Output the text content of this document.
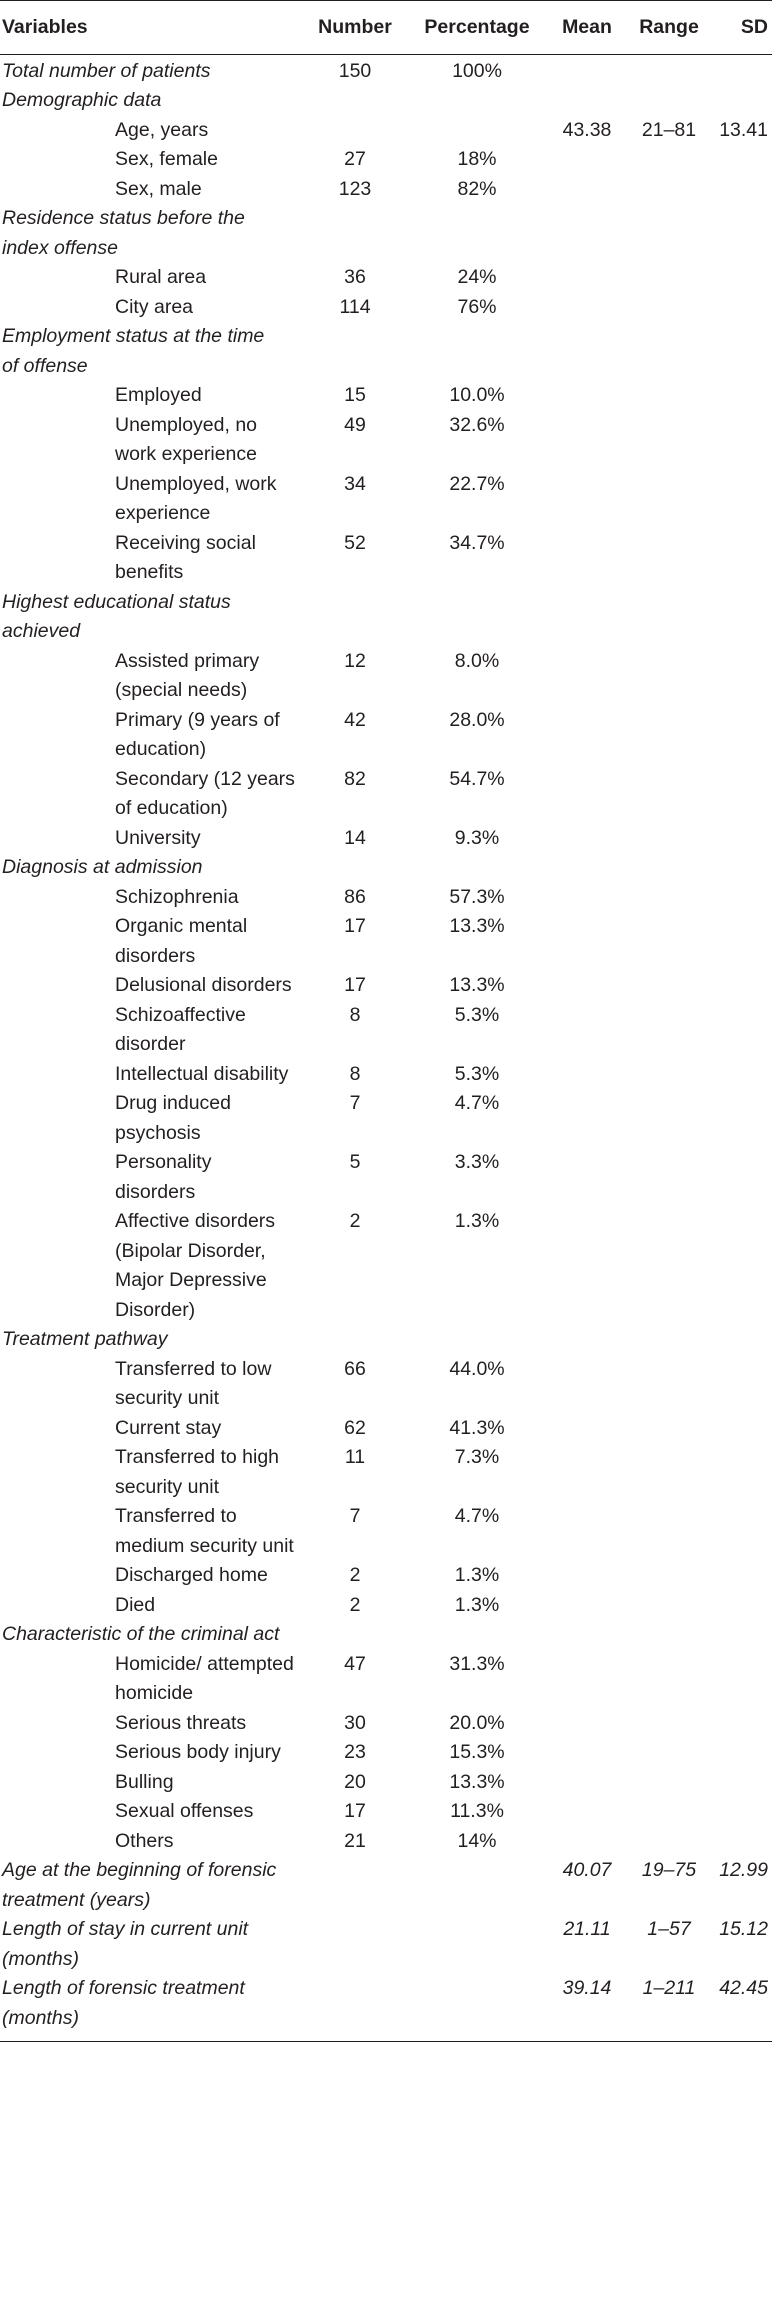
Variables	Number	Percentage	Mean	Range	SD
Total number of patients	150	100%			
Demographic data					
Age, years			43.38	21–81	13.41
Sex, female	27	18%			
Sex, male	123	82%			
Residence status before the index offense					
Rural area	36	24%			
City area	114	76%			
Employment status at the time of offense					
Employed	15	10.0%			
Unemployed, no work experience	49	32.6%			
Unemployed, work experience	34	22.7%			
Receiving social benefits	52	34.7%			
Highest educational status achieved					
Assisted primary (special needs)	12	8.0%			
Primary (9 years of education)	42	28.0%			
Secondary (12 years of education)	82	54.7%			
University	14	9.3%			
Diagnosis at admission					
Schizophrenia	86	57.3%			
Organic mental disorders	17	13.3%			
Delusional disorders	17	13.3%			
Schizoaffective disorder	8	5.3%			
Intellectual disability	8	5.3%			
Drug induced psychosis	7	4.7%			
Personality disorders	5	3.3%			
Affective disorders (Bipolar Disorder, Major Depressive Disorder)	2	1.3%			
Treatment pathway					
Transferred to low security unit	66	44.0%			
Current stay	62	41.3%			
Transferred to high security unit	11	7.3%			
Transferred to medium security unit	7	4.7%			
Discharged home	2	1.3%			
Died	2	1.3%			
Characteristic of the criminal act					
Homicide/ attempted homicide	47	31.3%			
Serious threats	30	20.0%			
Serious body injury	23	15.3%			
Bulling	20	13.3%			
Sexual offenses	17	11.3%			
Others	21	14%			
Age at the beginning of forensic treatment (years)			40.07	19–75	12.99
Length of stay in current unit (months)			21.11	1–57	15.12
Length of forensic treatment (months)			39.14	1–211	42.45
